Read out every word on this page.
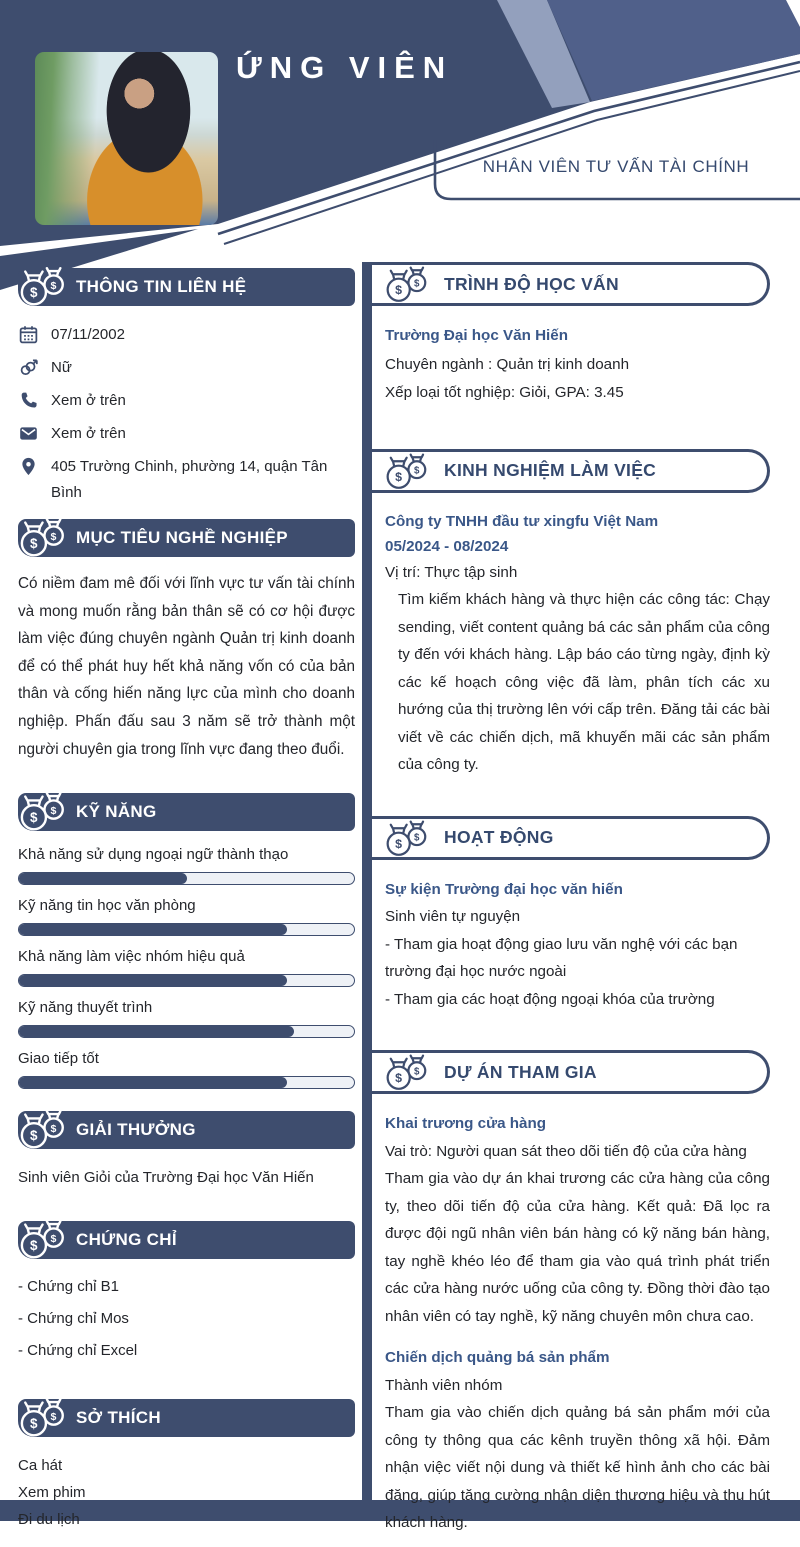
ỨNG VIÊN
NHÂN VIÊN TƯ VẤN TÀI CHÍNH
$
$ THÔNG TIN LIÊN HỆ
07/11/2002
Nữ
Xem ở trên
Xem ở trên
405 Trường Chinh, phường 14, quận Tân Bình
$
$ MỤC TIÊU NGHỀ NGHIỆP
Có niềm đam mê đối với lĩnh vực tư vấn tài chính và mong muốn rằng bản thân sẽ có cơ hội được làm việc đúng chuyên ngành Quản trị kinh doanh để có thể phát huy hết khả năng vốn có của bản thân và cống hiến năng lực của mình cho doanh nghiệp. Phấn đấu sau 3 năm sẽ trở thành một người chuyên gia trong lĩnh vực đang theo đuổi.
$
$ KỸ NĂNG
Khả năng sử dụng ngoại ngữ thành thạo
Kỹ năng tin học văn phòng
Khả năng làm việc nhóm hiệu quả
Kỹ năng thuyết trình
Giao tiếp tốt
$
$ GIẢI THƯỞNG
Sinh viên Giỏi của Trường Đại học Văn Hiến
$
$ CHỨNG CHỈ
- Chứng chỉ B1
- Chứng chỉ Mos
- Chứng chỉ Excel
$
$ SỞ THÍCH
Ca hát
Xem phim
Đi du lịch
$
$ TRÌNH ĐỘ HỌC VẤN
Trường Đại học Văn Hiến
Chuyên ngành : Quản trị kinh doanh
Xếp loại tốt nghiệp: Giỏi, GPA: 3.45
$
$ KINH NGHIỆM LÀM VIỆC
Công ty TNHH đầu tư xingfu Việt Nam
05/2024 - 08/2024
Vị trí: Thực tập sinh
Tìm kiếm khách hàng và thực hiện các công tác: Chạy sending, viết content quảng bá các sản phẩm của công ty đến với khách hàng. Lập báo cáo từng ngày, định kỳ các kế hoạch công việc đã làm, phân tích các xu hướng của thị trường lên với cấp trên. Đăng tải các bài viết về các chiến dịch, mã khuyến mãi các sản phẩm của công ty.
$
$ HOẠT ĐỘNG
Sự kiện Trường đại học văn hiến
Sinh viên tự nguyện
- Tham gia hoạt động giao lưu văn nghệ với các bạn trường đại học nước ngoài
- Tham gia các hoạt động ngoại khóa của trường
$
$ DỰ ÁN THAM GIA
Khai trương cửa hàng
Vai trò: Người quan sát theo dõi tiến độ của cửa hàng
Tham gia vào dự án khai trương các cửa hàng của công ty, theo dõi tiến độ của cửa hàng. Kết quả: Đã lọc ra được đội ngũ nhân viên bán hàng có kỹ năng bán hàng, tay nghề khéo léo để tham gia vào quá trình phát triển các cửa hàng nước uống của công ty. Đồng thời đào tạo nhân viên có tay nghề, kỹ năng chuyên môn chưa cao.
Chiến dịch quảng bá sản phẩm
Thành viên nhóm
Tham gia vào chiến dịch quảng bá sản phẩm mới của công ty thông qua các kênh truyền thông xã hội. Đảm nhận việc viết nội dung và thiết kế hình ảnh cho các bài đăng, giúp tăng cường nhận diện thương hiệu và thu hút khách hàng.
